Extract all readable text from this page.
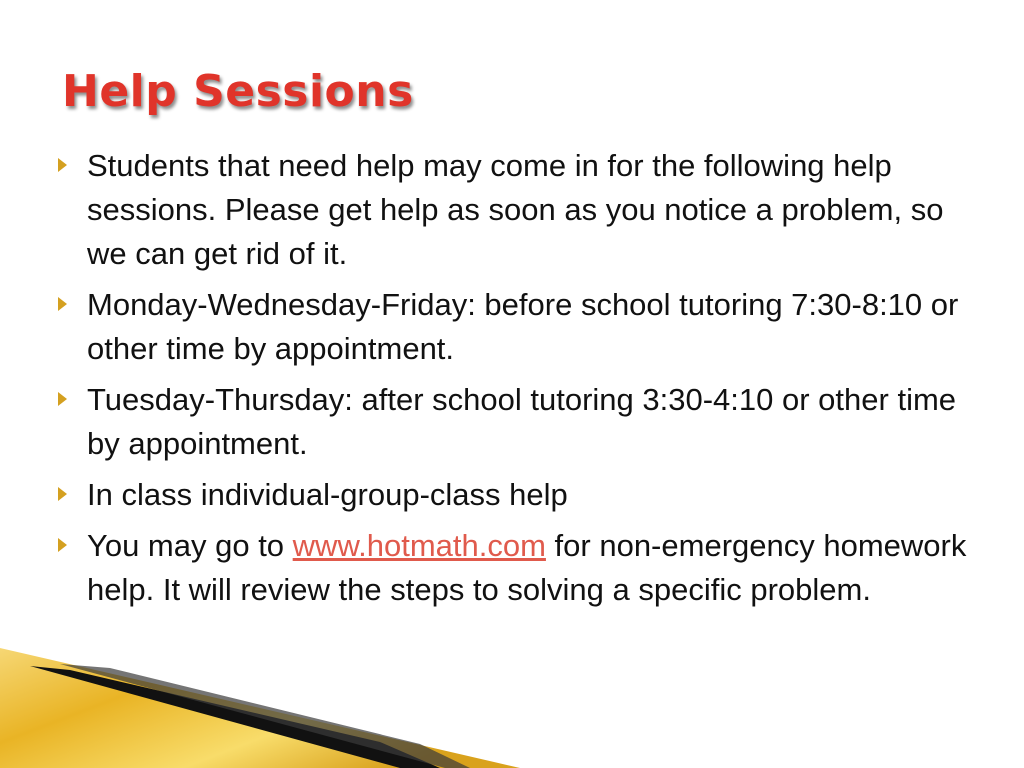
Help Sessions
Students that need help may come in for the following help sessions. Please get help as soon as you notice a problem, so we can get rid of it.
Monday-Wednesday-Friday: before school tutoring 7:30-8:10 or other time by appointment.
Tuesday-Thursday: after school tutoring 3:30-4:10 or other time by appointment.
In class individual-group-class help
You may go to www.hotmath.com for non-emergency homework help. It will review the steps to solving a specific problem.
